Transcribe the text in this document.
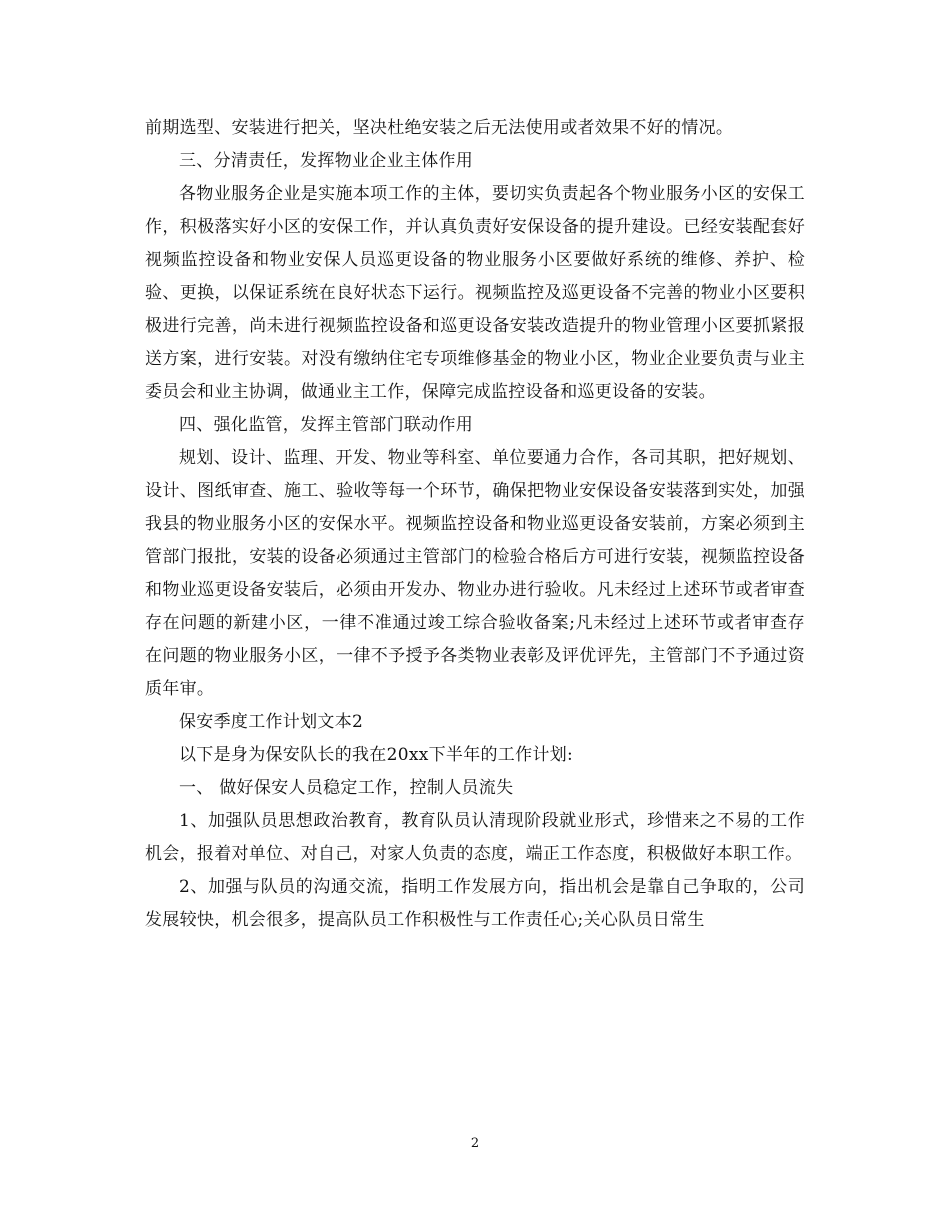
前期选型、安装进行把关，坚决杜绝安装之后无法使用或者效果不好的情况。

三、分清责任，发挥物业企业主体作用

各物业服务企业是实施本项工作的主体，要切实负责起各个物业服务小区的安保工作，积极落实好小区的安保工作，并认真负责好安保设备的提升建设。已经安装配套好视频监控设备和物业安保人员巡更设备的物业服务小区要做好系统的维修、养护、检验、更换，以保证系统在良好状态下运行。视频监控及巡更设备不完善的物业小区要积极进行完善，尚未进行视频监控设备和巡更设备安装改造提升的物业管理小区要抓紧报送方案，进行安装。对没有缴纳住宅专项维修基金的物业小区，物业企业要负责与业主委员会和业主协调，做通业主工作，保障完成监控设备和巡更设备的安装。

四、强化监管，发挥主管部门联动作用

规划、设计、监理、开发、物业等科室、单位要通力合作，各司其职，把好规划、设计、图纸审查、施工、验收等每一个环节，确保把物业安保设备安装落到实处，加强我县的物业服务小区的安保水平。视频监控设备和物业巡更设备安装前，方案必须到主管部门报批，安装的设备必须通过主管部门的检验合格后方可进行安装，视频监控设备和物业巡更设备安装后，必须由开发办、物业办进行验收。凡未经过上述环节或者审查存在问题的新建小区，一律不准通过竣工综合验收备案;凡未经过上述环节或者审查存在问题的物业服务小区，一律不予授予各类物业表彰及评优评先，主管部门不予通过资质年审。

保安季度工作计划文本2

以下是身为保安队长的我在20xx下半年的工作计划:

一、 做好保安人员稳定工作，控制人员流失

1、加强队员思想政治教育，教育队员认清现阶段就业形式，珍惜来之不易的工作机会，报着对单位、对自己，对家人负责的态度，端正工作态度，积极做好本职工作。

2、加强与队员的沟通交流，指明工作发展方向，指出机会是靠自己争取的，公司发展较快，机会很多，提高队员工作积极性与工作责任心;关心队员日常生

2
